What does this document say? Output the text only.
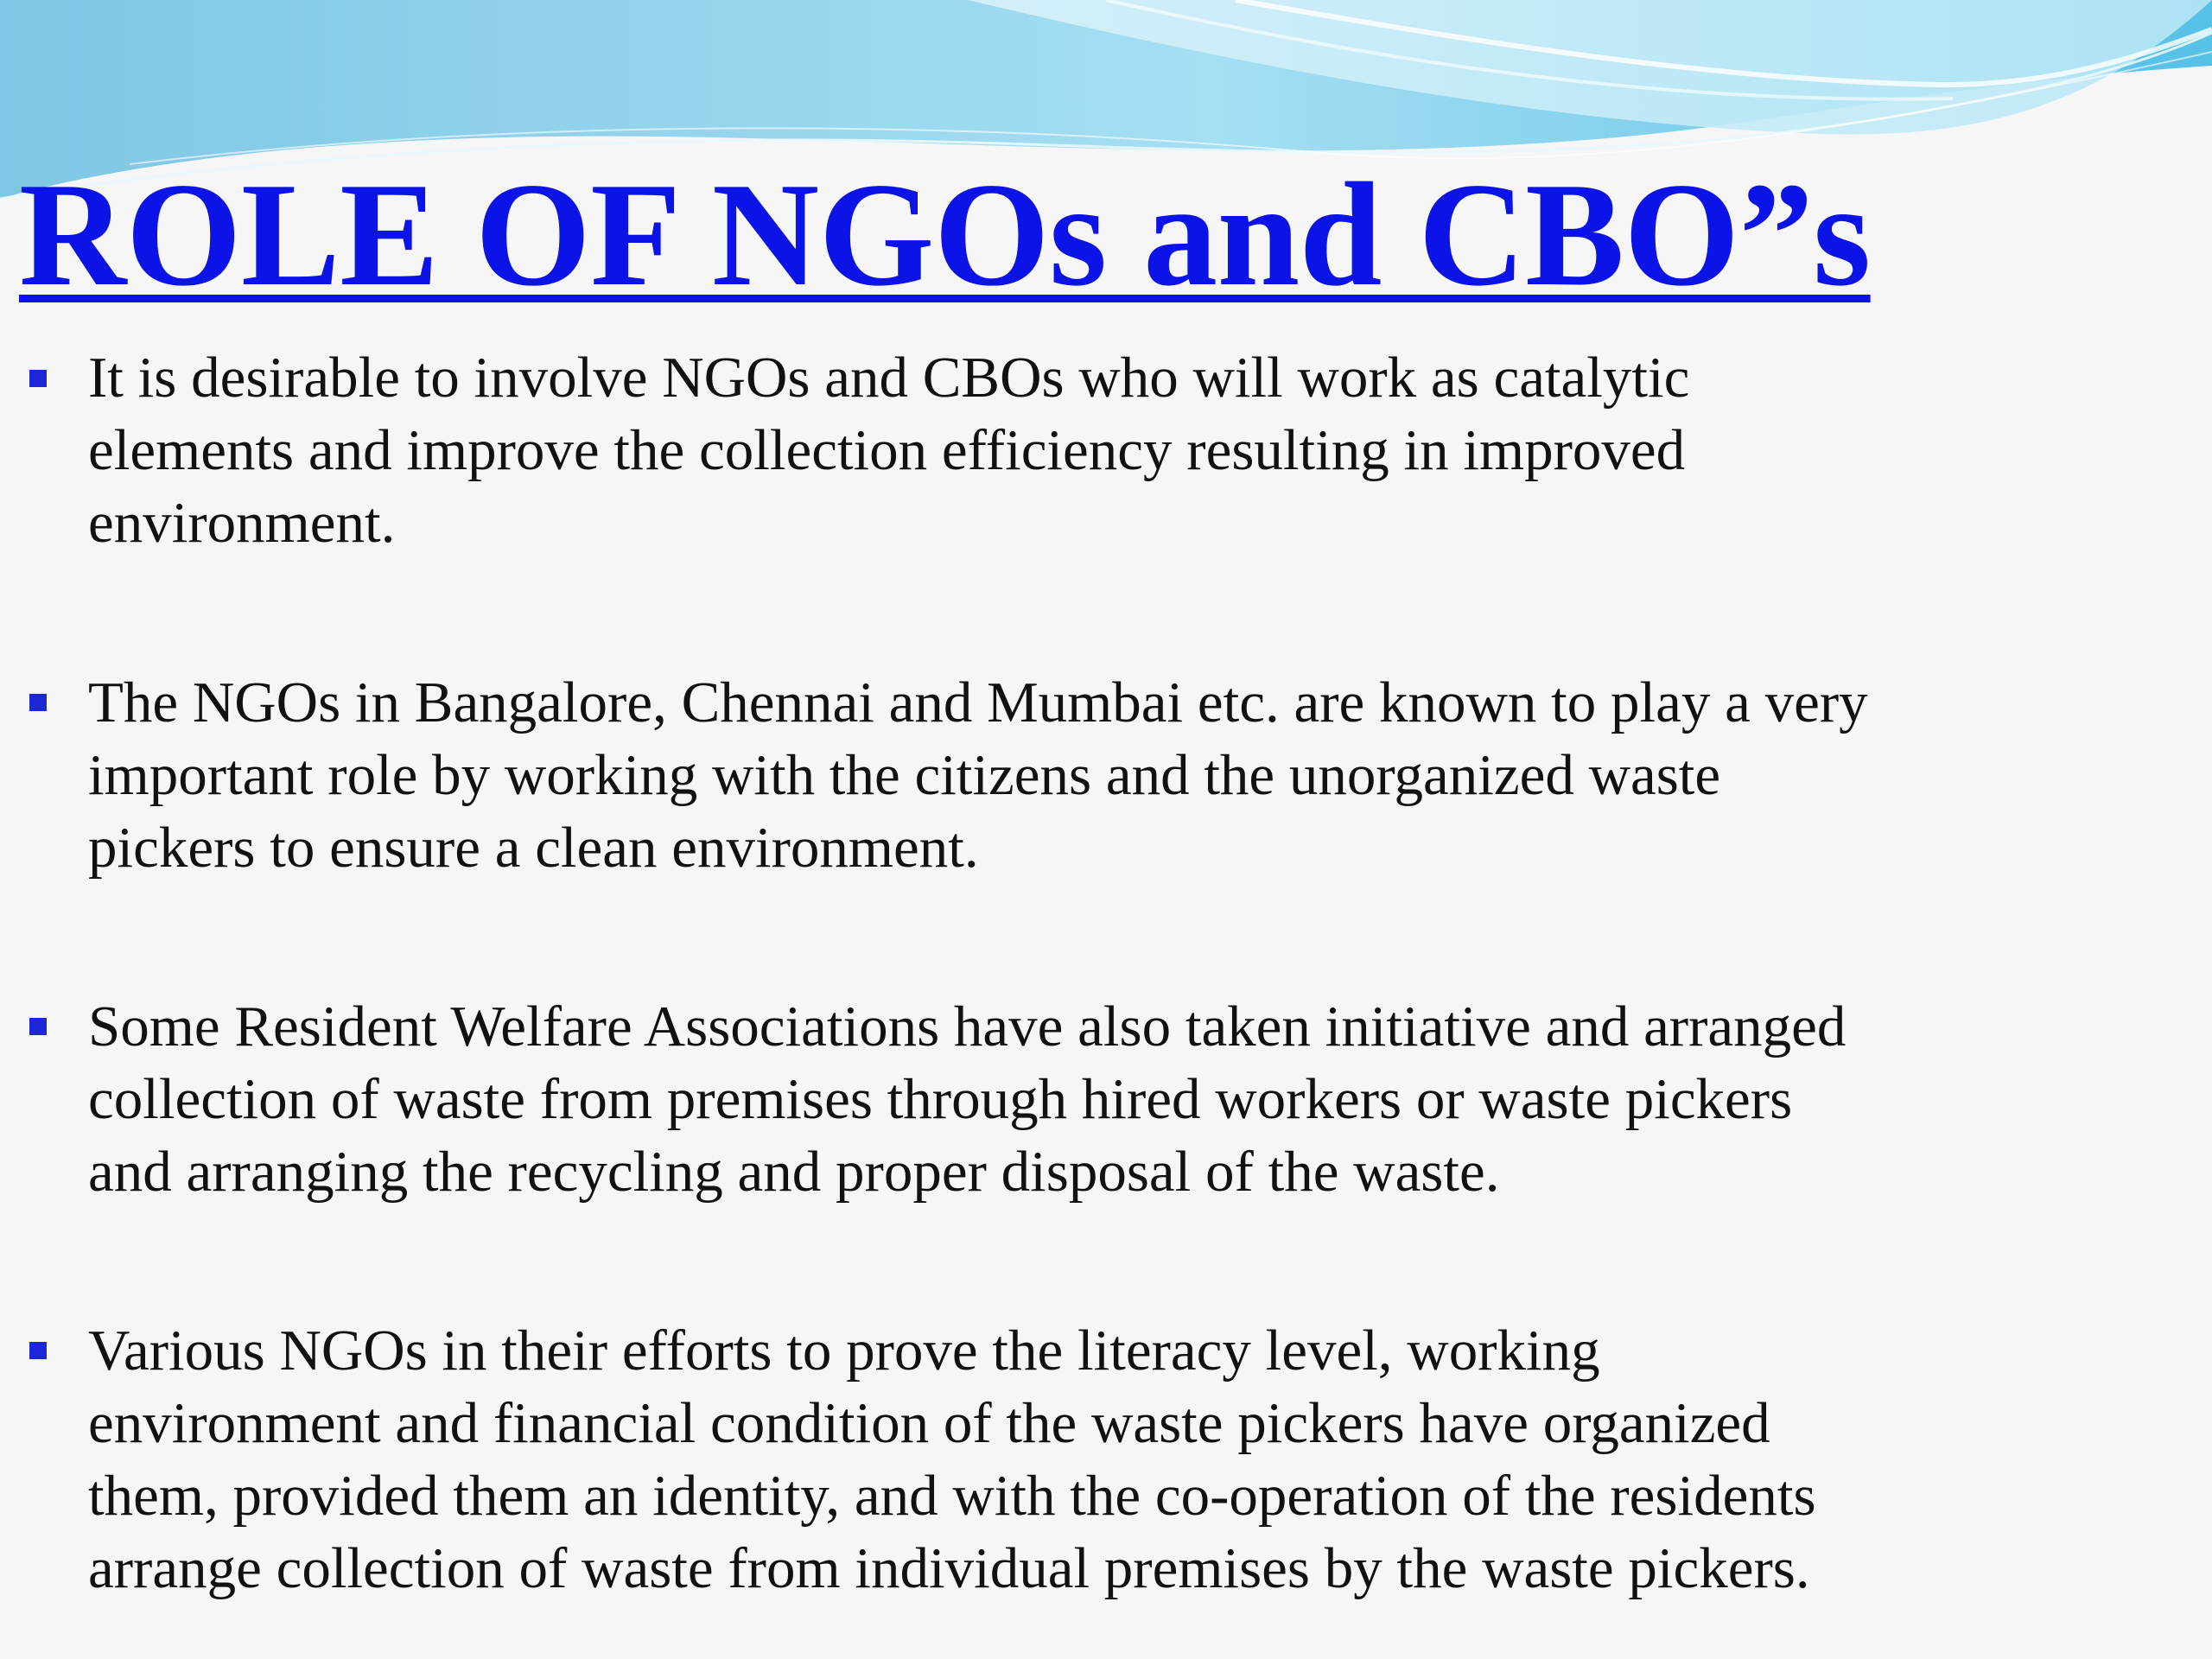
ROLE OF NGOs and CBO”s

It is desirable to involve NGOs and CBOs who will work as catalytic
elements and improve the collection efficiency resulting in improved
environment.

The NGOs in Bangalore, Chennai and Mumbai etc. are known to play a very
important role by working with the citizens and the unorganized waste
pickers to ensure a clean environment.

Some Resident Welfare Associations have also taken initiative and arranged
collection of waste from premises through hired workers or waste pickers
and arranging the recycling and proper disposal of the waste.

Various NGOs in their efforts to prove the literacy level, working
environment and financial condition of the waste pickers have organized
them, provided them an identity, and with the co-operation of the residents
arrange collection of waste from individual premises by the waste pickers.
